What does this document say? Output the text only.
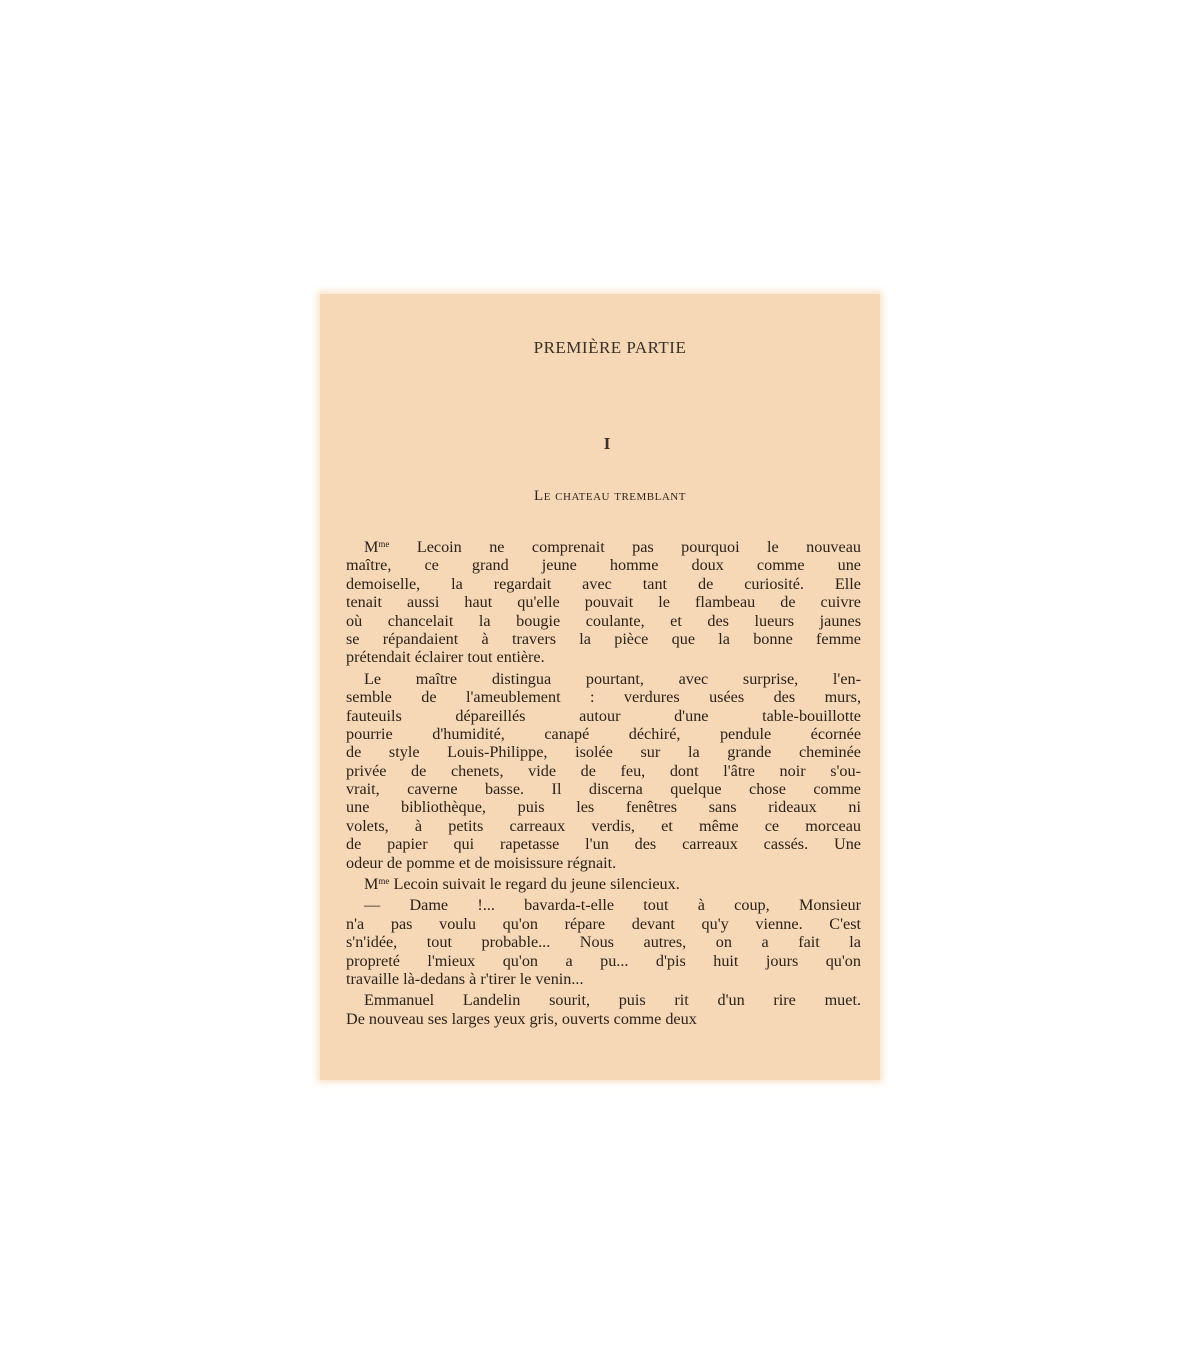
PREMIÈRE PARTIE
I
Le chateau tremblant
$M^{me}$ Lecoin ne comprenait pas pourquoi le nouveau
maître, ce grand jeune homme doux comme une
demoiselle, la regardait avec tant de curiosité. Elle
tenait aussi haut qu'elle pouvait le flambeau de cuivre
où chancelait la bougie coulante, et des lueurs jaunes
se répandaient à travers la pièce que la bonne femme
prétendait éclairer tout entière.
Le maître distingua pourtant, avec surprise, l'en-
semble de l'ameublement : verdures usées des murs,
fauteuils dépareillés autour d'une table-bouillotte
pourrie d'humidité, canapé déchiré, pendule écornée
de style Louis-Philippe, isolée sur la grande cheminée
privée de chenets, vide de feu, dont l'âtre noir s'ou-
vrait, caverne basse. Il discerna quelque chose comme
une bibliothèque, puis les fenêtres sans rideaux ni
volets, à petits carreaux verdis, et même ce morceau
de papier qui rapetasse l'un des carreaux cassés. Une
odeur de pomme et de moisissure régnait.
$M^{me}$ Lecoin suivait le regard du jeune silencieux.
— Dame !... bavarda-t-elle tout à coup, Monsieur
n'a pas voulu qu'on répare devant qu'y vienne. C'est
s'n'idée, tout probable... Nous autres, on a fait la
propreté l'mieux qu'on a pu... d'pis huit jours qu'on
travaille là-dedans à r'tirer le venin...
Emmanuel Landelin sourit, puis rit d'un rire muet.
De nouveau ses larges yeux gris, ouverts comme deux
